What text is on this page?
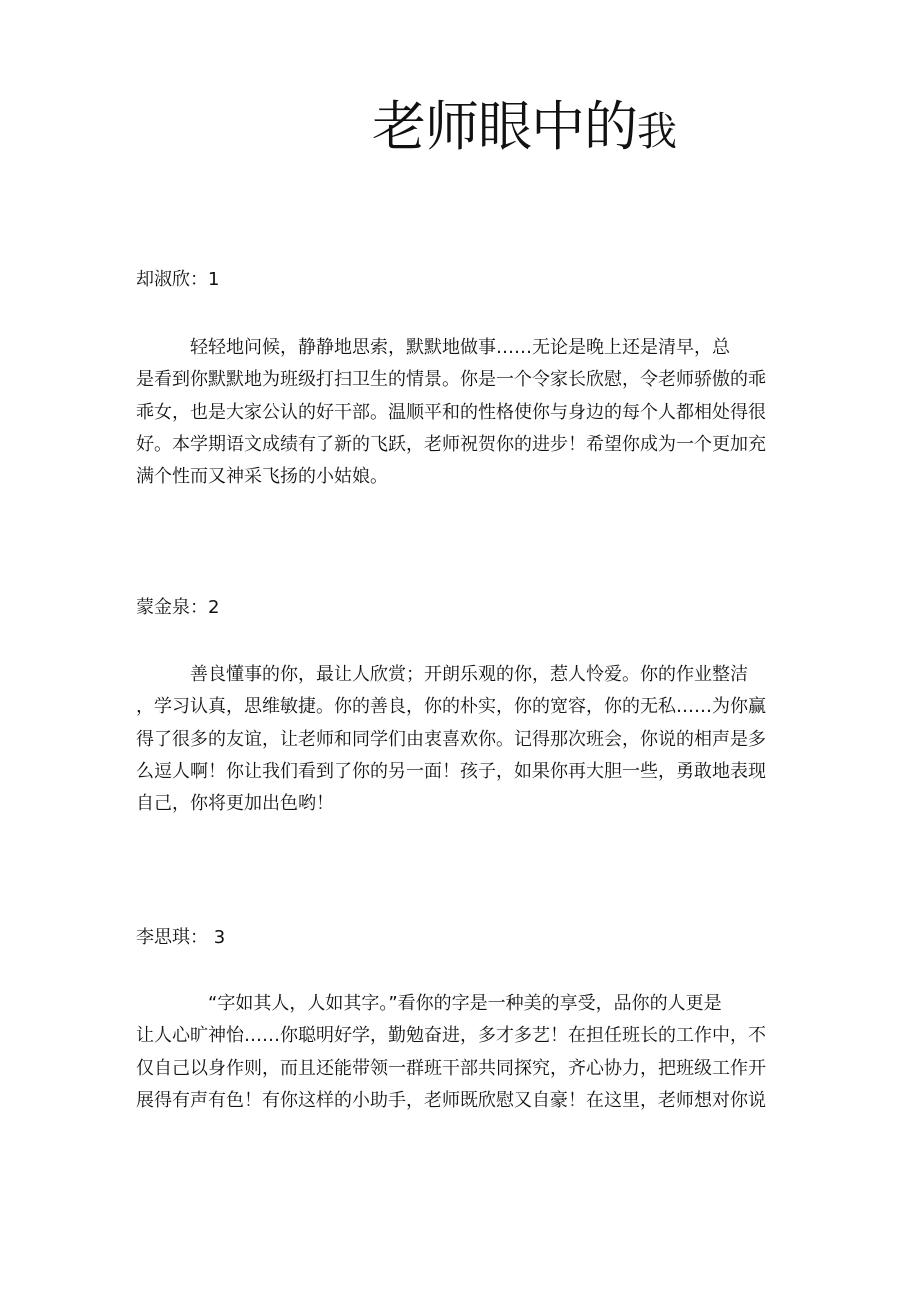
老师眼中的我
却淑欣：1
　　　轻轻地问候，静静地思索，默默地做事……无论是晚上还是清早，总
是看到你默默地为班级打扫卫生的情景。你是一个令家长欣慰，令老师骄傲的乖
乖女，也是大家公认的好干部。温顺平和的性格使你与身边的每个人都相处得很
好。本学期语文成绩有了新的飞跃，老师祝贺你的进步！希望你成为一个更加充
满个性而又神采飞扬的小姑娘。
蒙金泉：2
　　　善良懂事的你，最让人欣赏；开朗乐观的你，惹人怜爱。你的作业整洁
，学习认真，思维敏捷。你的善良，你的朴实，你的宽容，你的无私……为你赢
得了很多的友谊，让老师和同学们由衷喜欢你。记得那次班会，你说的相声是多
么逗人啊！你让我们看到了你的另一面！孩子，如果你再大胆一些，勇敢地表现
自己，你将更加出色哟！
李思琪： 3
　　　　“字如其人，人如其字。”看你的字是一种美的享受，品你的人更是
让人心旷神怡……你聪明好学，勤勉奋进，多才多艺！在担任班长的工作中，不
仅自己以身作则，而且还能带领一群班干部共同探究，齐心协力，把班级工作开
展得有声有色！有你这样的小助手，老师既欣慰又自豪！在这里，老师想对你说
